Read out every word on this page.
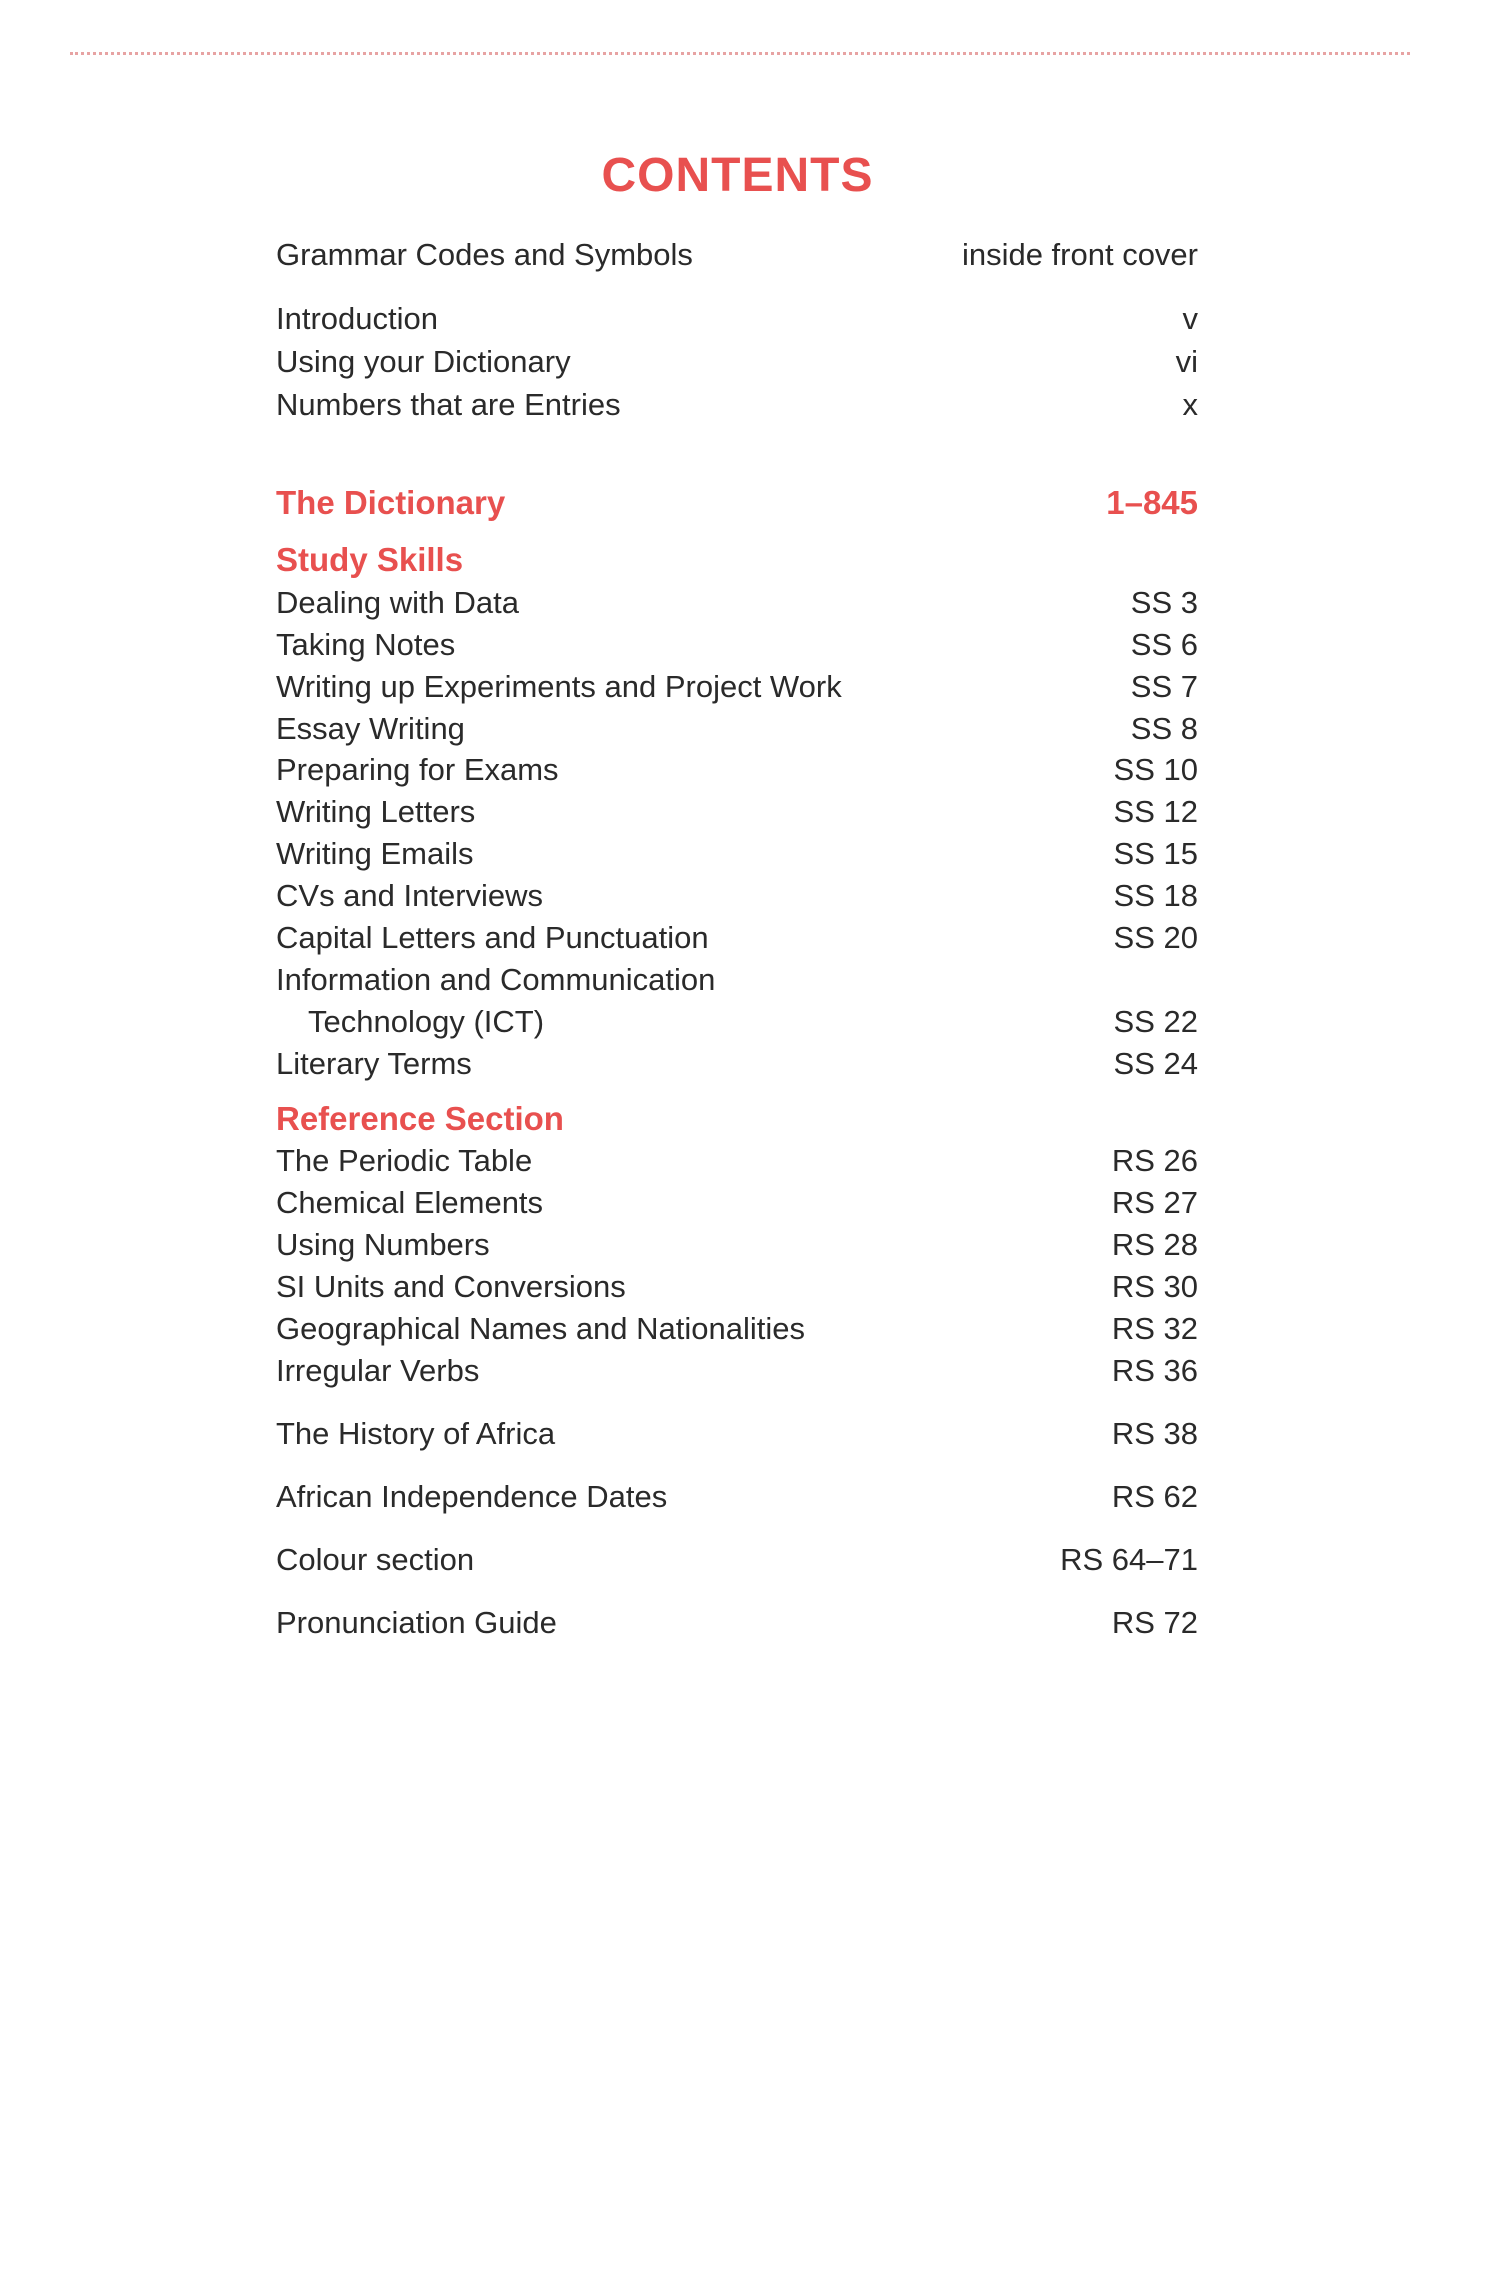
CONTENTS
Grammar Codes and Symbols	inside front cover
Introduction	v
Using your Dictionary	vi
Numbers that are Entries	x
The Dictionary	1–845
Study Skills
Dealing with Data	SS 3
Taking Notes	SS 6
Writing up Experiments and Project Work	SS 7
Essay Writing	SS 8
Preparing for Exams	SS 10
Writing Letters	SS 12
Writing Emails	SS 15
CVs and Interviews	SS 18
Capital Letters and Punctuation	SS 20
Information and Communication
Technology (ICT)	SS 22
Literary Terms	SS 24
Reference Section
The Periodic Table	RS 26
Chemical Elements	RS 27
Using Numbers	RS 28
SI Units and Conversions	RS 30
Geographical Names and Nationalities	RS 32
Irregular Verbs	RS 36
The History of Africa	RS 38
African Independence Dates	RS 62
Colour section	RS 64–71
Pronunciation Guide	RS 72
